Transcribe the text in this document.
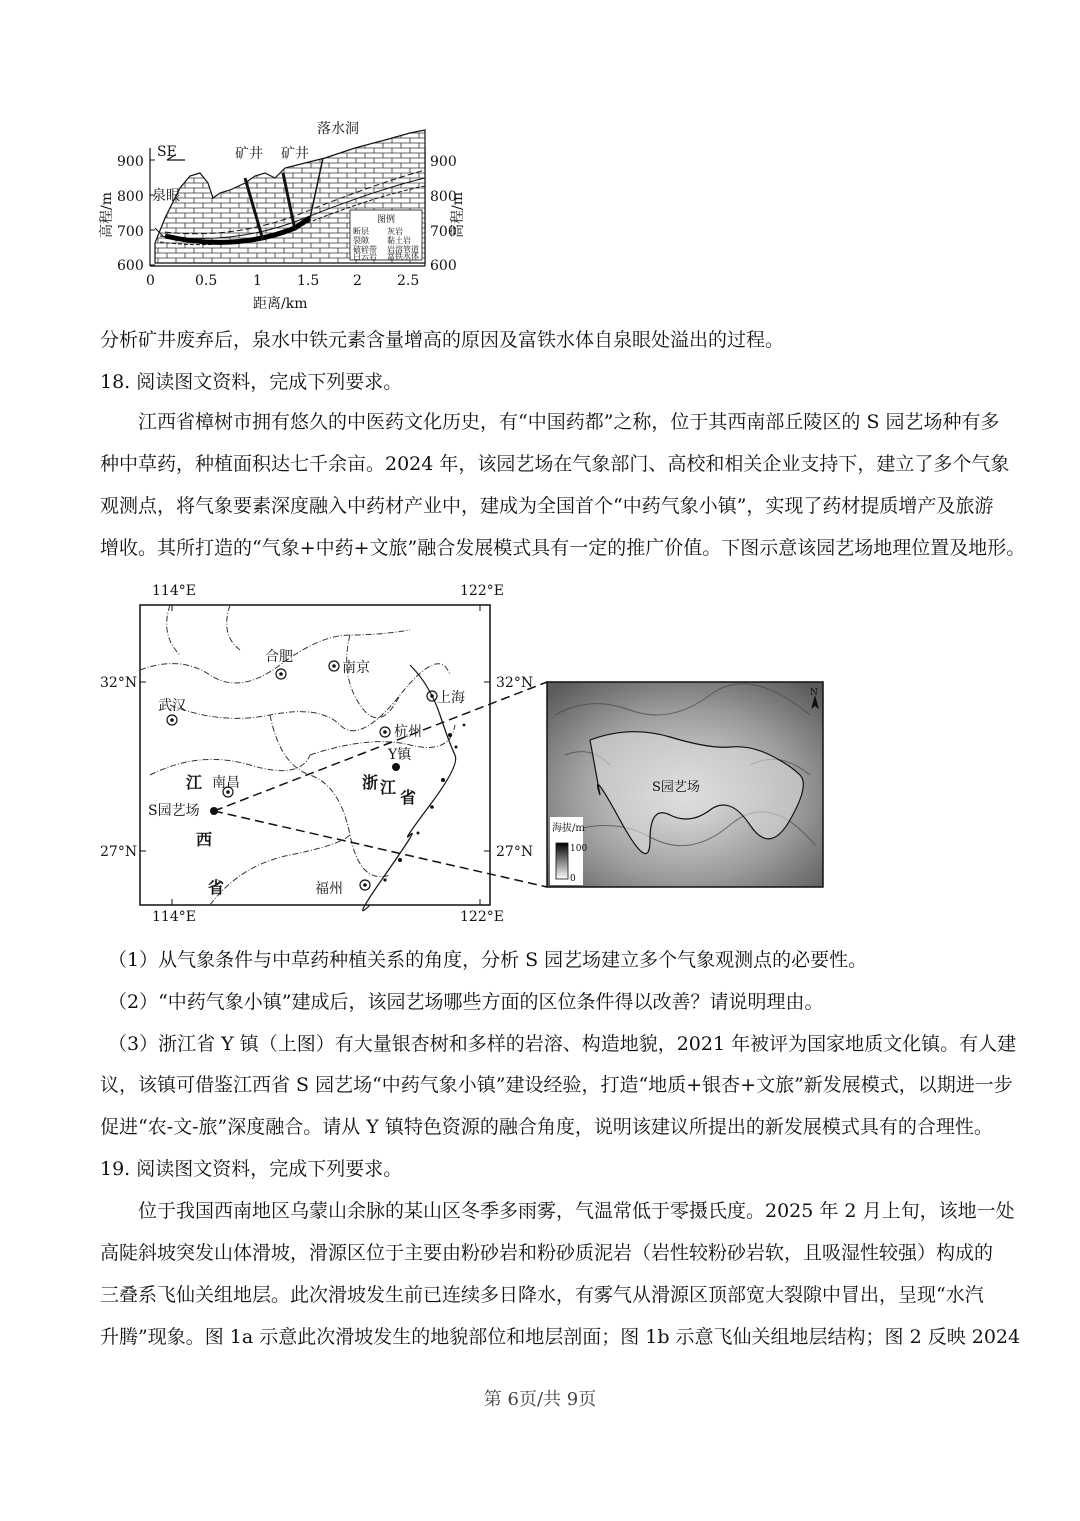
SE
900
800
700
600
900
800
700
600
高程/m	高程/m
0	0.5	1	1.5 2	2.5
距离/km
泉眼
矿井 矿井
落水洞
图例
断层 灰岩
裂隙 黏土岩
破碎带 岩溶管道
白云岩 富铁水体
分析矿井废弃后，泉水中铁元素含量增高的原因及富铁水体自泉眼处溢出的过程。
18. 阅读图文资料，完成下列要求。
江西省樟树市拥有悠久的中医药文化历史，有“中国药都”之称，位于其西南部丘陵区的 S 园艺场种有多
种中草药，种植面积达七千余亩。2024 年，该园艺场在气象部门、高校和相关企业支持下，建立了多个气象
观测点，将气象要素深度融入中药材产业中，建成为全国首个“中药气象小镇”，实现了药材提质增产及旅游
增收。其所打造的“气象+中药+文旅”融合发展模式具有一定的推广价值。下图示意该园艺场地理位置及地形。
114°E	122°E
114°E	122°E
32°N	32°N
27°N	27°N
合肥
南京
上海
武汉
杭州
Y镇
南昌
S园艺场
福州
江
西
省
浙 江
省
S园艺场
N
海拔/m
100
0
（1）从气象条件与中草药种植关系的角度，分析 S 园艺场建立多个气象观测点的必要性。
（2）“中药气象小镇”建成后，该园艺场哪些方面的区位条件得以改善？请说明理由。
（3）浙江省 Y 镇（上图）有大量银杏树和多样的岩溶、构造地貌，2021 年被评为国家地质文化镇。有人建
议，该镇可借鉴江西省 S 园艺场“中药气象小镇”建设经验，打造“地质+银杏+文旅”新发展模式，以期进一步
促进“农-文-旅”深度融合。请从 Y 镇特色资源的融合角度，说明该建议所提出的新发展模式具有的合理性。
19. 阅读图文资料，完成下列要求。
位于我国西南地区乌蒙山余脉的某山区冬季多雨雾，气温常低于零摄氏度。2025 年 2 月上旬，该地一处
高陡斜坡突发山体滑坡，滑源区位于主要由粉砂岩和粉砂质泥岩（岩性较粉砂岩软，且吸湿性较强）构成的
三叠系飞仙关组地层。此次滑坡发生前已连续多日降水，有雾气从滑源区顶部宽大裂隙中冒出，呈现“水汽
升腾”现象。图 1a 示意此次滑坡发生的地貌部位和地层剖面；图 1b 示意飞仙关组地层结构；图 2 反映 2024
第 6页/共 9页
